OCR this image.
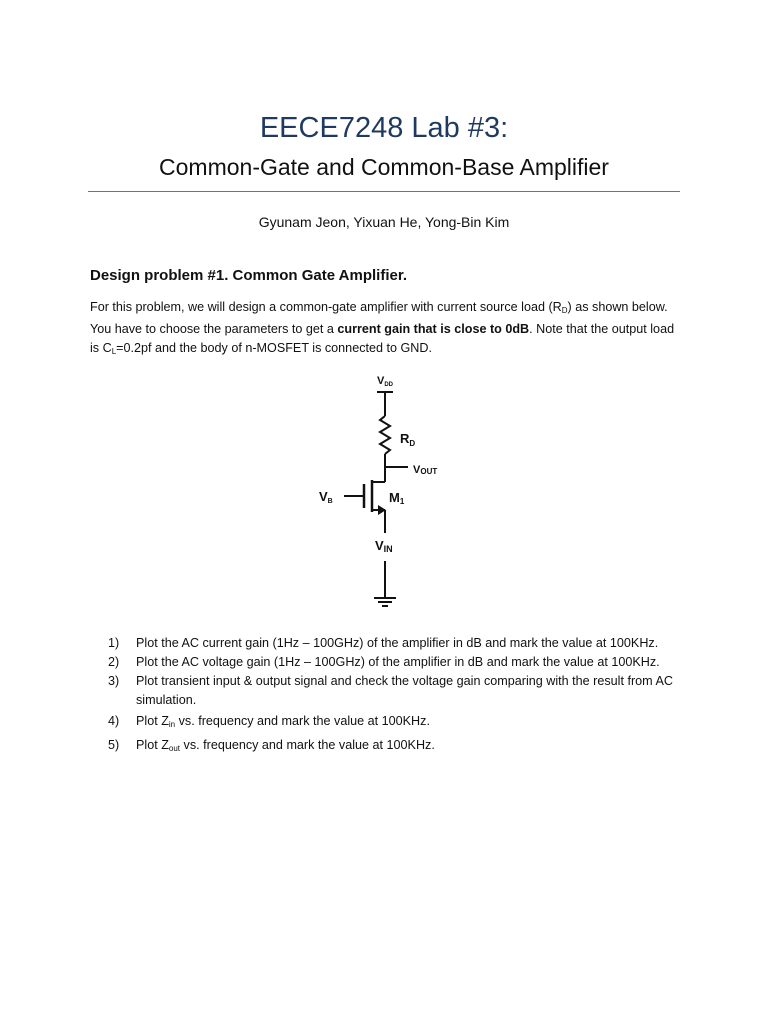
EECE7248 Lab #3:
Common-Gate and Common-Base Amplifier
Gyunam Jeon, Yixuan He, Yong-Bin Kim
Design problem #1. Common Gate Amplifier.
For this problem, we will design a common-gate amplifier with current source load $(R_D)$ as shown below.
You have to choose the parameters to get a current gain that is close to 0dB. Note that the output load
is $C_L=0.2pf$ and the body of n-MOSFET is connected to GND.
VDD
$R_D$
VOUT
VB	M1
VIN
1) Plot the AC current gain (1Hz – 100GHz) of the amplifier in dB and mark the value at 100KHz.
2) Plot the AC voltage gain (1Hz – 100GHz) of the amplifier in dB and mark the value at 100KHz.
3) Plot transient input & output signal and check the voltage gain comparing with the result from AC simulation.
4) Plot $Z_{in}$ vs. frequency and mark the value at 100KHz.
5) Plot $Z_{out}$ vs. frequency and mark the value at 100KHz.
